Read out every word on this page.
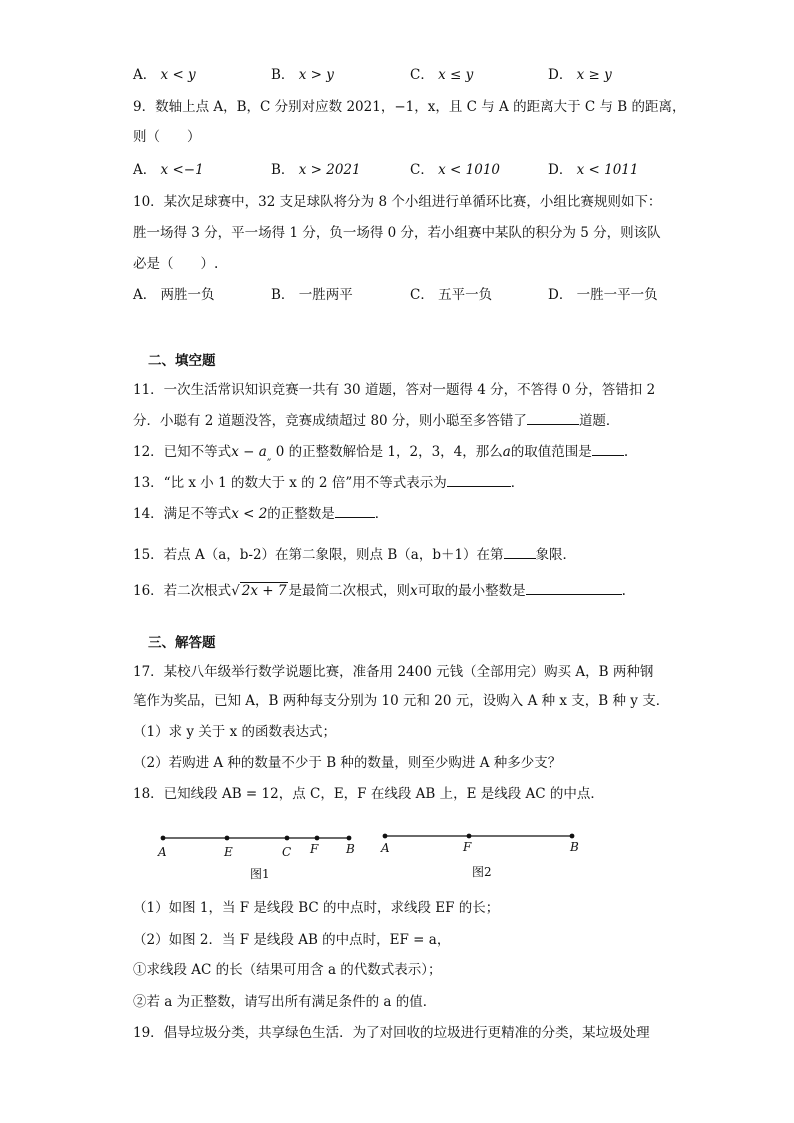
A． x < y	B． x > y	C． x ≤ y	D． x ≥ y
9．数轴上点 A，B，C 分别对应数 2021，−1，x，且 C 与 A 的距离大于 C 与 B 的距离，
则（　　）
A． x <−1	B． x > 2021	C． x < 1010	D． x < 1011
10．某次足球赛中，32 支足球队将分为 8 个小组进行单循环比赛，小组比赛规则如下：
胜一场得 3 分，平一场得 1 分，负一场得 0 分，若小组赛中某队的积分为 5 分，则该队
必是（　　）.
A． 两胜一负	B． 一胜两平	C． 五平一负	D． 一胜一平一负
二、填空题
11．一次生活常识知识竞赛一共有 30 道题，答对一题得 4 分，不答得 0 分，答错扣 2
分．小聪有 2 道题没答，竞赛成绩超过 80 分，则小聪至多答错了	道题．
12．已知不等式$x - a_„$ 0 的正整数解恰是 1，2，3，4，那么a的取值范围是 .
13．“比 x 小 1 的数大于 x 的 2 倍”用不等式表示为	．
14．满足不等式x < 2的正整数是	．
15．若点 A（a，b-2）在第二象限，则点 B（a，b＋1）在第 象限．
16．若二次根式√ 2x + 7 是最简二次根式，则x可取的最小整数是	.
三、解答题
17．某校八年级举行数学说题比赛，准备用 2400 元钱（全部用完）购买 A，B 两种钢
笔作为奖品，已知 A，B 两种每支分别为 10 元和 20 元，设购入 A 种 x 支，B 种 y 支．
（1）求 y 关于 x 的函数表达式；
（2）若购进 A 种的数量不少于 B 种的数量，则至少购进 A 种多少支？
18．已知线段 AB = 12，点 C，E，F 在线段 AB 上，E 是线段 AC 的中点．
A	E	C F B
图1
A	F	B
图2
（1）如图 1，当 F 是线段 BC 的中点时，求线段 EF 的长；
（2）如图 2．当 F 是线段 AB 的中点时，EF = a，
①求线段 AC 的长（结果可用含 a 的代数式表示）；
②若 a 为正整数，请写出所有满足条件的 a 的值．
19．倡导垃圾分类，共享绿色生活．为了对回收的垃圾进行更精准的分类，某垃圾处理
